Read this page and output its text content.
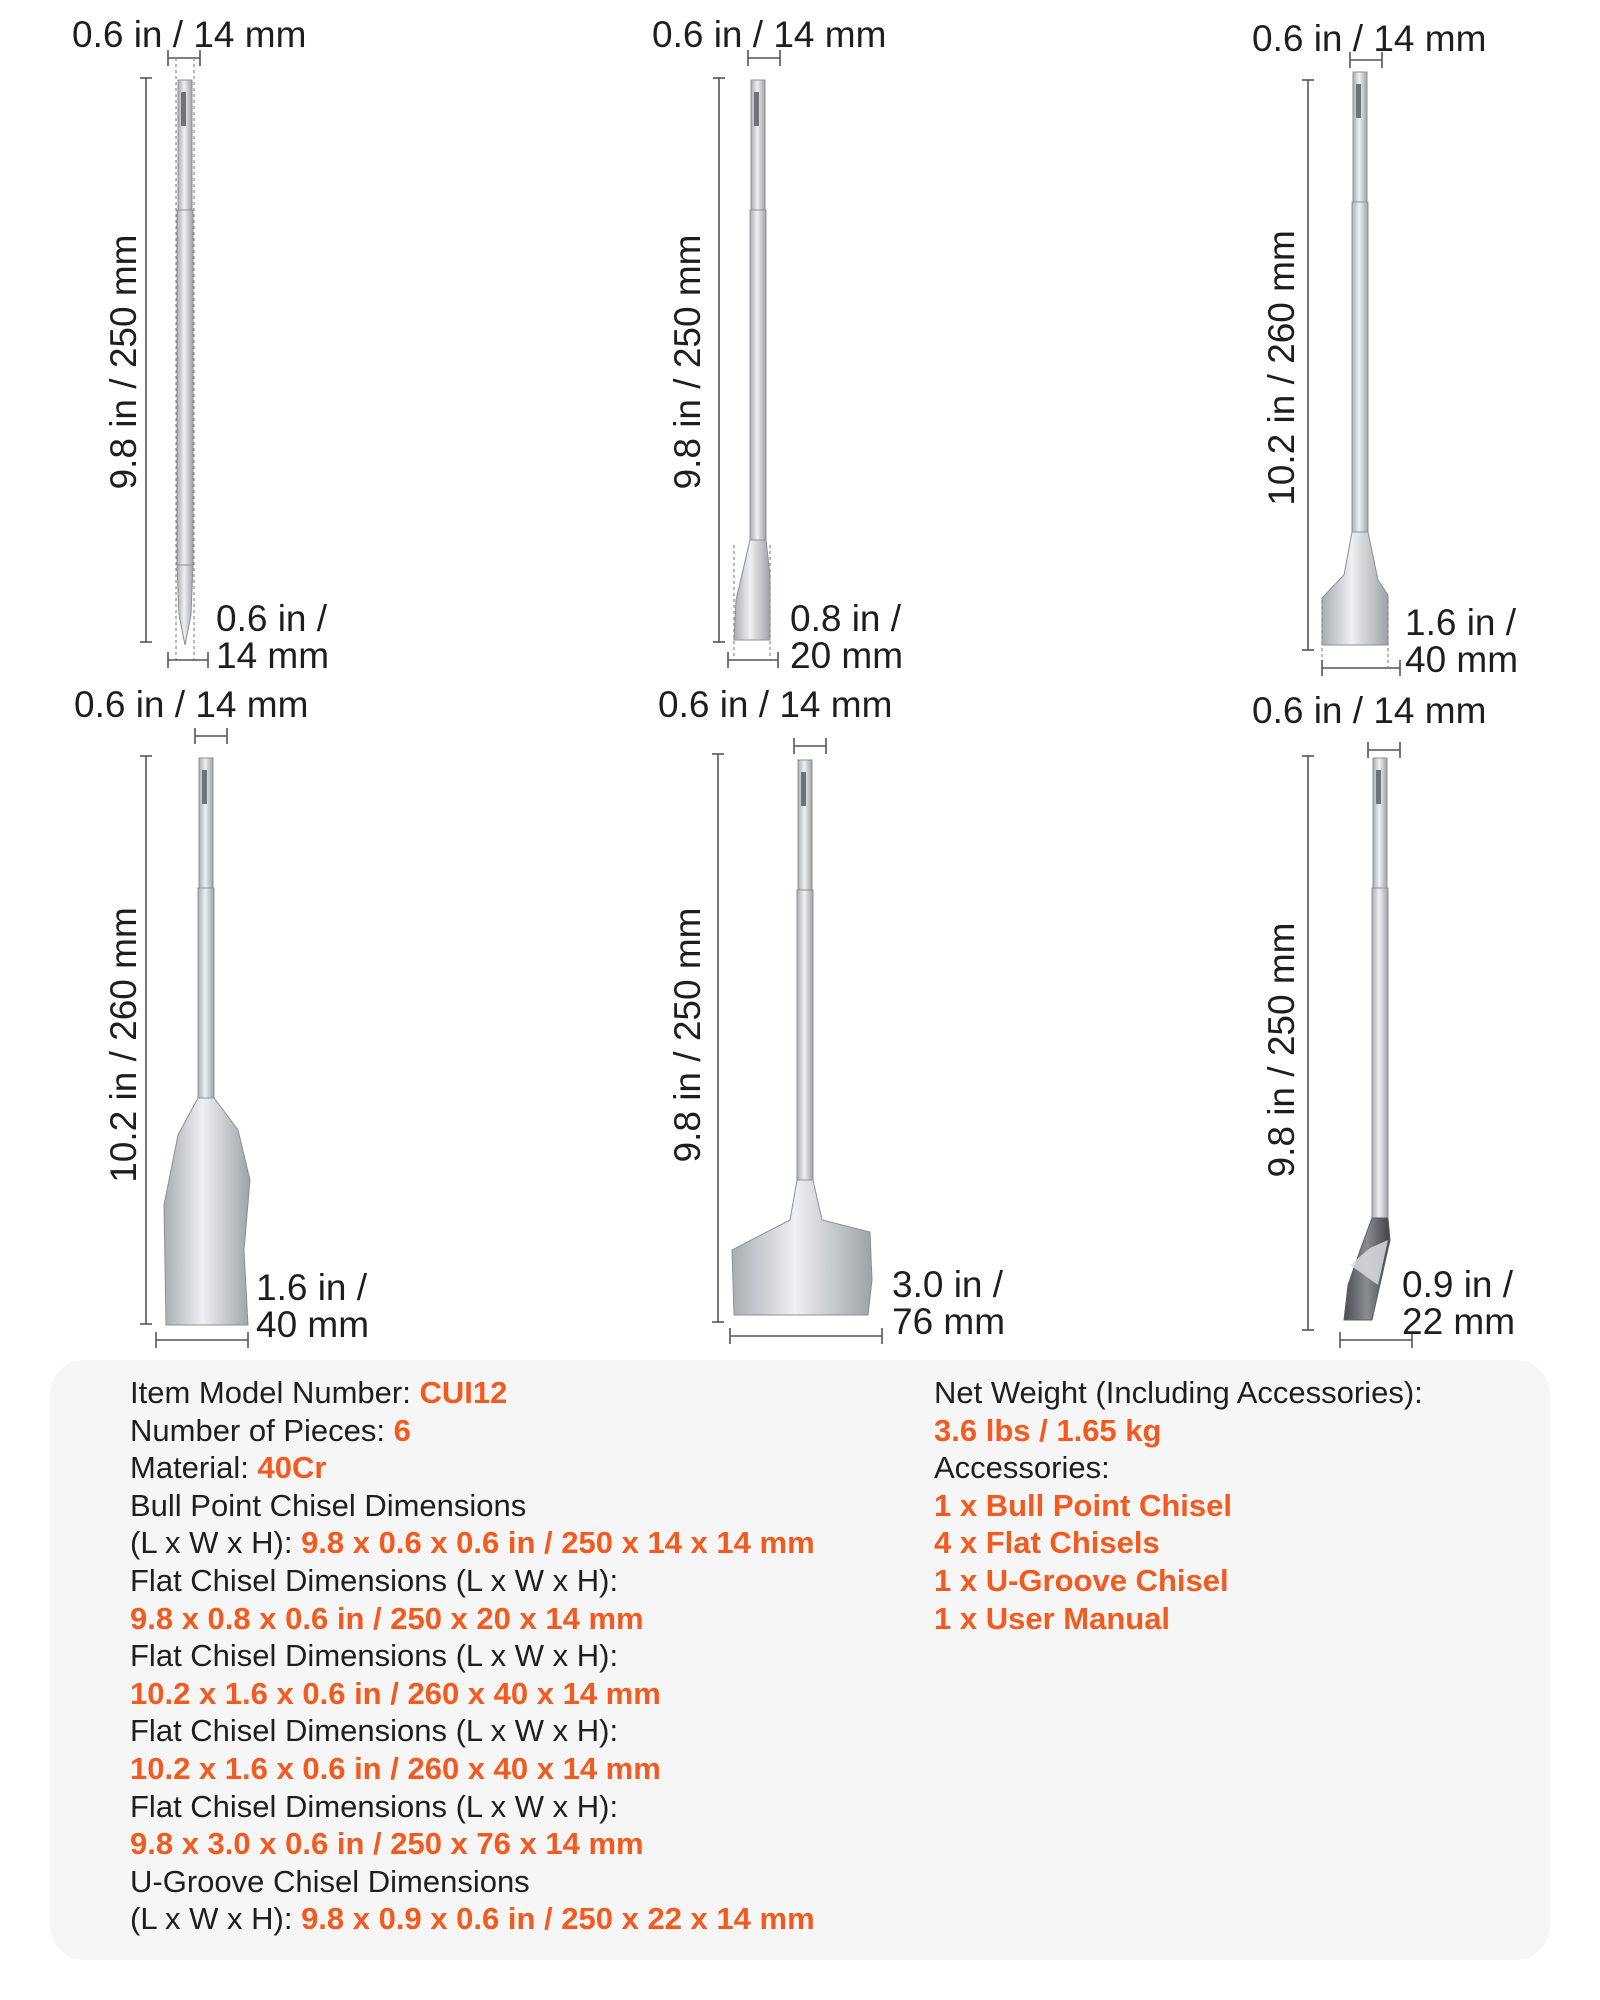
0.6 in / 14 mm
9.8 in / 250 mm
0.6 in /
14 mm
0.6 in / 14 mm
9.8 in / 250 mm
0.8 in /
20 mm
0.6 in / 14 mm
10.2 in / 260 mm
1.6 in /
40 mm
0.6 in / 14 mm
10.2 in / 260 mm
1.6 in /
40 mm
0.6 in / 14 mm
9.8 in / 250 mm
3.0 in /
76 mm
0.6 in / 14 mm
9.8 in / 250 mm
0.9 in /
22 mm
Item Model Number: CUI12
Number of Pieces: 6
Material: 40Cr
Bull Point Chisel Dimensions
(L x W x H): 9.8 x 0.6 x 0.6 in / 250 x 14 x 14 mm
Flat Chisel Dimensions (L x W x H):
9.8 x 0.8 x 0.6 in / 250 x 20 x 14 mm
Flat Chisel Dimensions (L x W x H):
10.2 x 1.6 x 0.6 in / 260 x 40 x 14 mm
Flat Chisel Dimensions (L x W x H):
10.2 x 1.6 x 0.6 in / 260 x 40 x 14 mm
Flat Chisel Dimensions (L x W x H):
9.8 x 3.0 x 0.6 in / 250 x 76 x 14 mm
U-Groove Chisel Dimensions
(L x W x H): 9.8 x 0.9 x 0.6 in / 250 x 22 x 14 mm
Net Weight (Including Accessories):
3.6 lbs / 1.65 kg
Accessories:
1 x Bull Point Chisel
4 x Flat Chisels
1 x U-Groove Chisel
1 x User Manual
